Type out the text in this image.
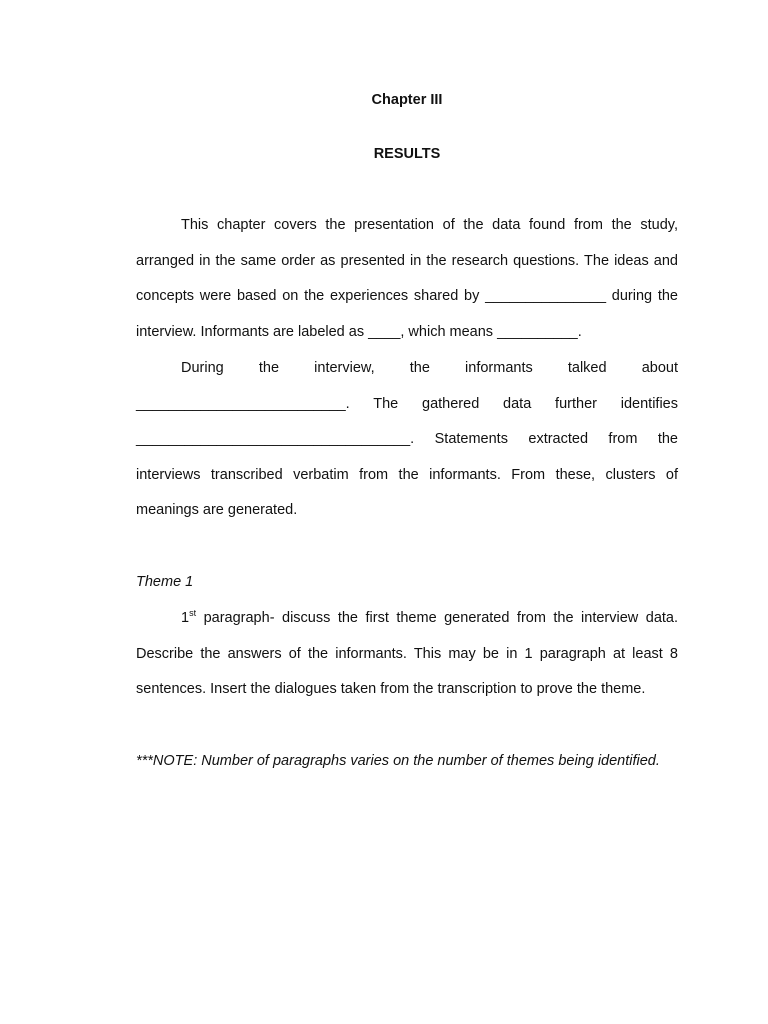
Chapter III

RESULTS

This chapter covers the presentation of the data found from the study, arranged in the same order as presented in the research questions. The ideas and concepts were based on the experiences shared by _______________ during the interview. Informants are labeled as ____, which means __________.

During the interview, the informants talked about __________________________. The gathered data further identifies __________________________________. Statements extracted from the interviews transcribed verbatim from the informants. From these, clusters of meanings are generated.

Theme 1

1st paragraph- discuss the first theme generated from the interview data. Describe the answers of the informants. This may be in 1 paragraph at least 8 sentences. Insert the dialogues taken from the transcription to prove the theme.

***NOTE: Number of paragraphs varies on the number of themes being identified.
